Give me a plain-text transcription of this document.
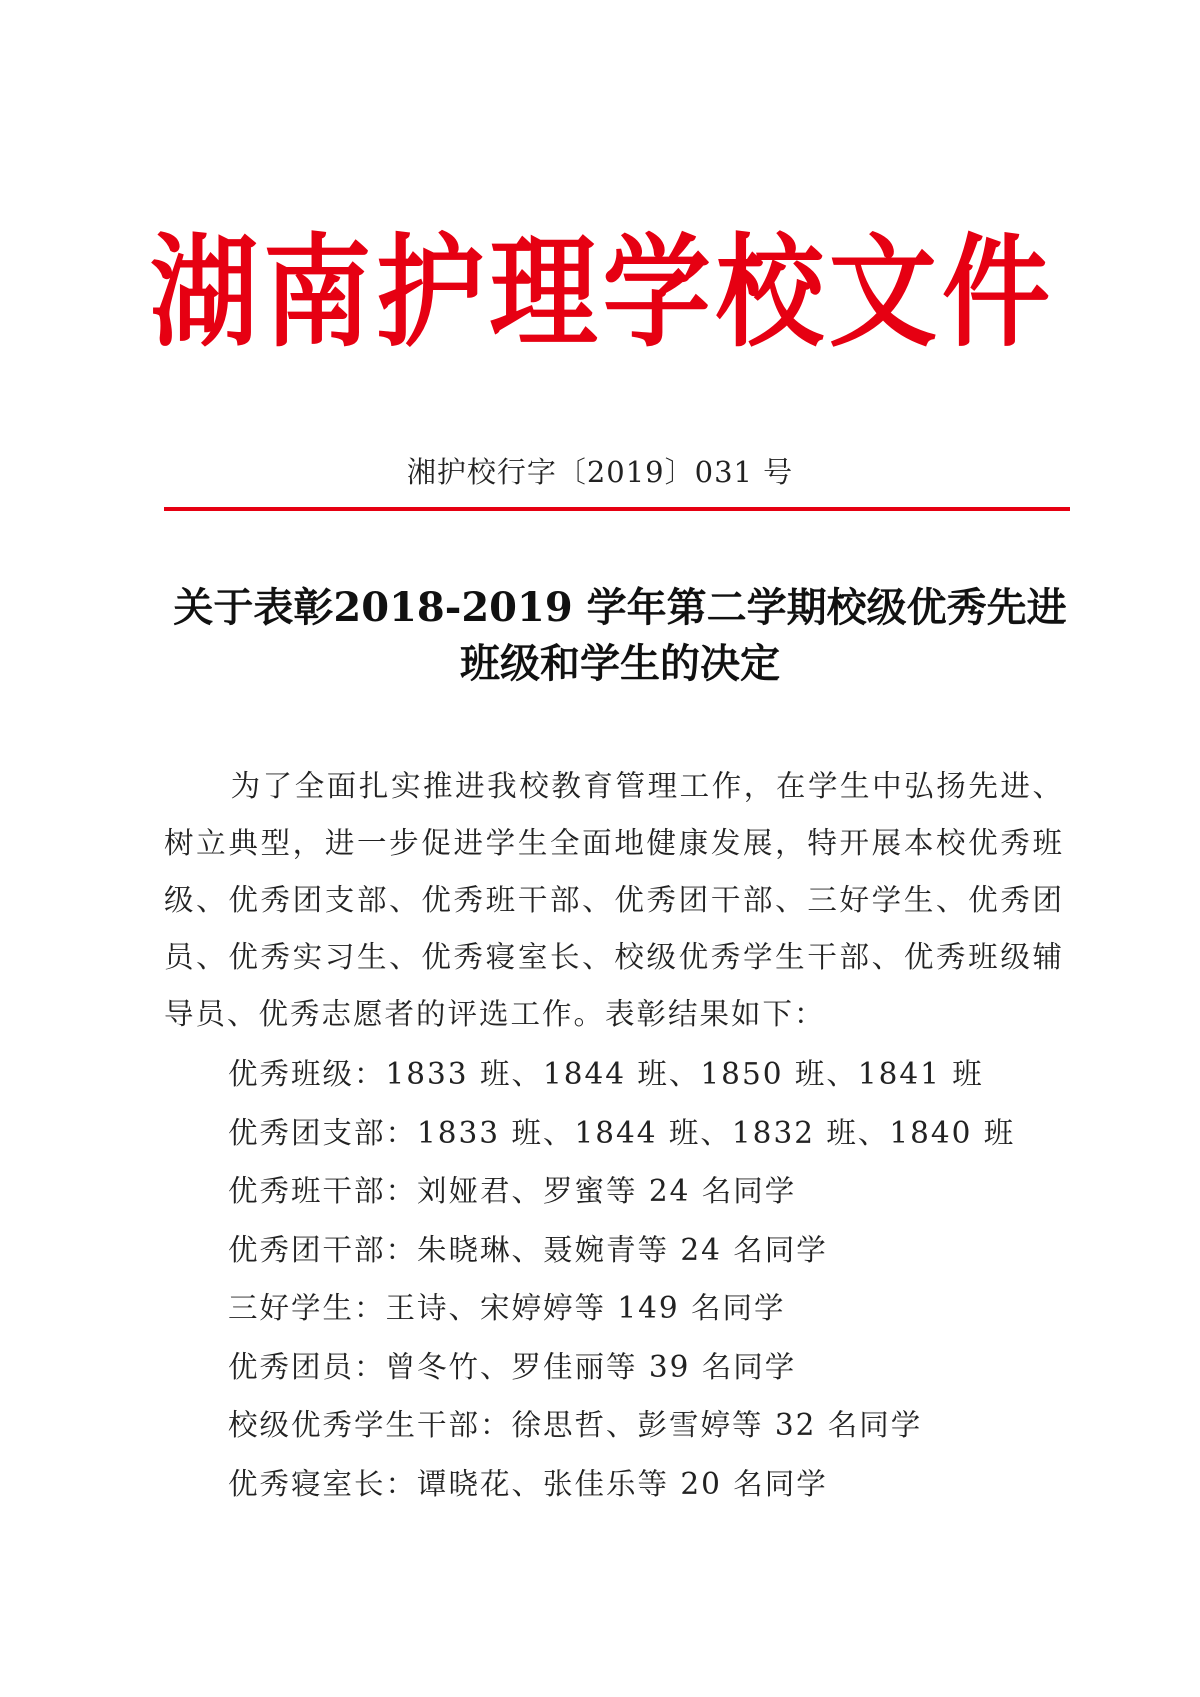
湖 南 护 理 学 校 文 件
湘护校行字〔2019〕031 号
关于表彰2018-2019 学年第二学期校级优秀先进
班级和学生的决定
为了全面扎实推进我校教育管理工作，在学生中弘扬先进、树立典型，进一步促进学生全面地健康发展，特开展本校优秀班级、优秀团支部、优秀班干部、优秀团干部、三好学生、优秀团员、优秀实习生、优秀寝室长、校级优秀学生干部、优秀班级辅导员、优秀志愿者的评选工作。表彰结果如下：
优秀班级：1833 班、1844 班、1850 班、1841 班
优秀团支部：1833 班、1844 班、1832 班、1840 班
优秀班干部：刘娅君、罗蜜等 24 名同学
优秀团干部：朱晓琳、聂婉青等 24 名同学
三好学生：王诗、宋婷婷等 149 名同学
优秀团员：曾冬竹、罗佳丽等 39 名同学
校级优秀学生干部：徐思哲、彭雪婷等 32 名同学
优秀寝室长：谭晓花、张佳乐等 20 名同学
